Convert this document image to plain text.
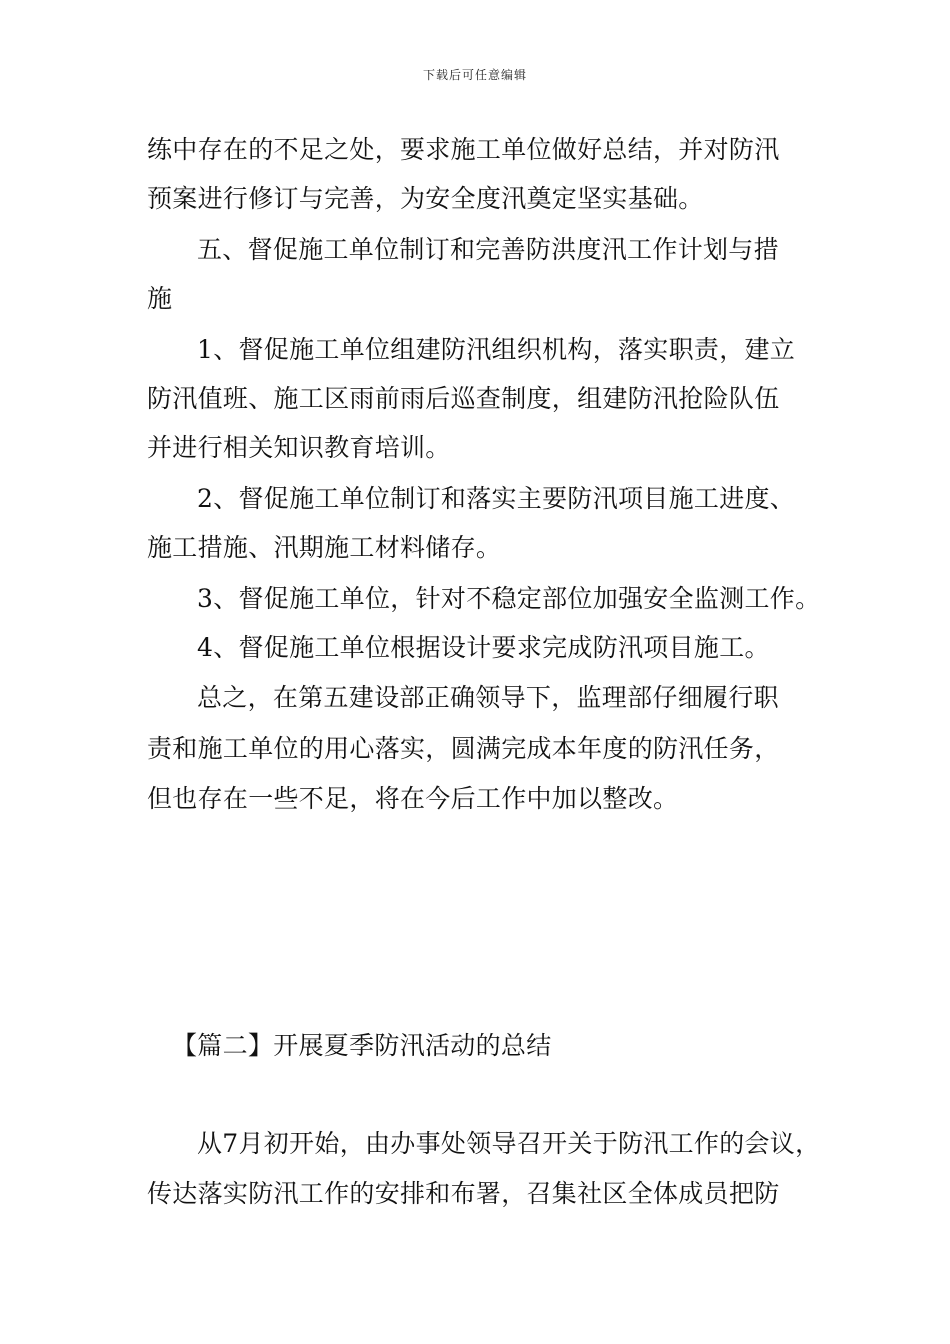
下载后可任意编辑
练中存在的不足之处，要求施工单位做好总结，并对防汛
预案进行修订与完善，为安全度汛奠定坚实基础。
五、督促施工单位制订和完善防洪度汛工作计划与措
施
1、督促施工单位组建防汛组织机构，落实职责，建立
防汛值班、施工区雨前雨后巡查制度，组建防汛抢险队伍
并进行相关知识教育培训。
2、督促施工单位制订和落实主要防汛项目施工进度、
施工措施、汛期施工材料储存。
3、督促施工单位，针对不稳定部位加强安全监测工作。
4、督促施工单位根据设计要求完成防汛项目施工。
总之，在第五建设部正确领导下，监理部仔细履行职
责和施工单位的用心落实，圆满完成本年度的防汛任务，
但也存在一些不足，将在今后工作中加以整改。
【篇二】开展夏季防汛活动的总结
从7月初开始，由办事处领导召开关于防汛工作的会议，
传达落实防汛工作的安排和布署，召集社区全体成员把防
